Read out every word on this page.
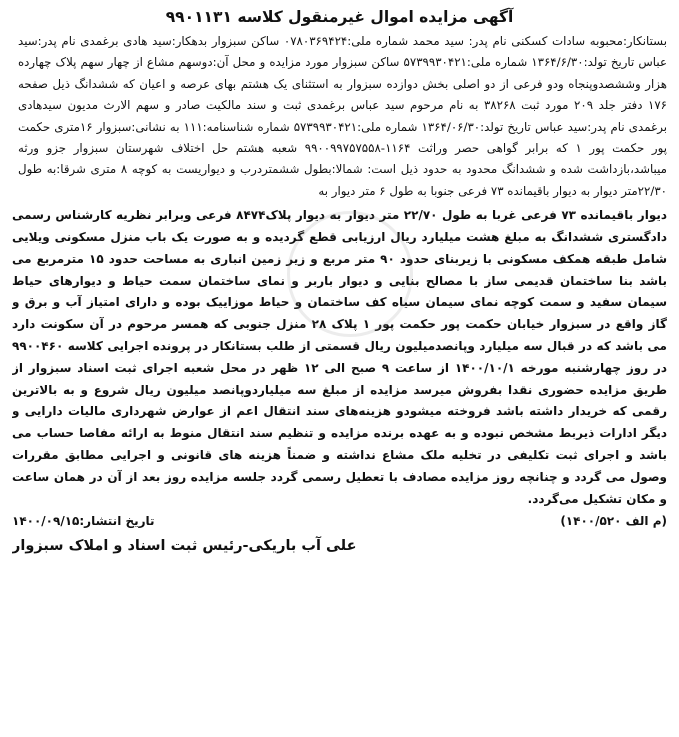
آگهی مزایده اموال غیرمنقول کلاسه ۹۹۰۱۱۳۱

بستانکار:محبوبه سادات کسکنی نام پدر: سید محمد شماره ملی:۰۷۸۰۳۶۹۴۲۴ ساکن سبزوار بدهکار:سید هادی برغمدی نام پدر:سید عباس تاریخ تولد:۱۳۶۴/۶/۳۰ شماره ملی:۵۷۳۹۹۳۰۴۲۱ ساکن سبزوار مورد مزایده و محل آن:دوسهم مشاع از چهار سهم پلاک چهارده هزار وششصدوپنجاه ودو فرعی از دو اصلی بخش دوازده سبزوار به استثنای یک هشتم بهای عرصه و اعیان که ششدانگ ذیل صفحه ۱۷۶ دفتر جلد ۲۰۹ مورد ثبت ۳۸۲۶۸ به نام مرحوم سید عباس برغمدی ثبت و سند مالکیت صادر و سهم الارث مدیون سیدهادی برغمدی نام پدر:سید عباس تاریخ تولد:۱۳۶۴/۰۶/۳۰ شماره ملی:۵۷۳۹۹۳۰۴۲۱ شماره شناسنامه:۱۱۱ به نشانی:سبزوار ۱۶متری حکمت پور حکمت پور ۱ که برابر گواهی حصر وراثت ۱۱۶۴-۹۹۰۰۹۹۷۵۷۵۵۸ شعبه هشتم حل اختلاف شهرستان سبزوار جزو ورثه میباشد،بازداشت شده و ششدانگ محدود به حدود ذیل است: شمالا:بطول ششمتردرب و دیواریست به کوچه ۸ متری شرقا:به طول ۲۲/۳۰متر دیوار به دیوار باقیمانده ۷۳ فرعی جنوبا به طول ۶ متر دیوار به

دیوار باقیمانده ۷۳ فرعی غربا به طول ۲۲/۷۰ متر دیوار به دیوار پلاک۸۴۷۴ فرعی وبرابر نظریه کارشناس رسمی دادگستری ششدانگ به مبلغ هشت میلیارد ریال ارزیابی قطع گردیده و به صورت یک باب منزل مسکونی ویلایی شامل طبقه همکف مسکونی با زیربنای حدود ۹۰ متر مربع و زیر زمین انباری به مساحت حدود ۱۵ مترمربع می باشد بنا ساختمان قدیمی ساز با مصالح بنایی و دیوار باربر و نمای ساختمان سمت حیاط و دیوارهای حیاط سیمان سفید و سمت کوچه نمای سیمان سیاه کف ساختمان و حیاط موزاییک بوده و دارای امتیاز آب و برق و گاز واقع در سبزوار خیابان حکمت پور حکمت پور ۱ پلاک ۲۸ منزل جنوبی که همسر مرحوم در آن سکونت دارد می باشد که در قبال سه میلیارد وپانصدمیلیون ریال قسمتی از طلب بستانکار در پرونده اجرایی کلاسه ۹۹۰۰۴۶۰ در روز چهارشنبه مورخه ۱۴۰۰/۱۰/۱ از ساعت ۹ صبح الی ۱۲ ظهر در محل شعبه اجرای ثبت اسناد سبزوار از طریق مزایده حضوری نقدا بفروش میرسد مزایده از مبلغ سه میلیاردوپانصد میلیون ریال شروع و به بالاترین رقمی که خریدار داشته باشد فروخته میشودو هزینه‌های سند انتقال اعم از عوارض شهرداری مالیات دارایی و دیگر ادارات ذیربط مشخص نبوده و به عهده برنده مزایده و تنظیم سند انتقال منوط به ارائه مفاصا حساب می باشد و اجرای ثبت تکلیفی در تخلیه ملک مشاع نداشته و ضمناً هزینه های قانونی و اجرایی مطابق مقررات وصول می گردد و چنانچه روز مزایده مصادف با تعطیل رسمی گردد جلسه مزایده روز بعد از آن در همان ساعت و مکان تشکیل می‌گردد.

(م الف ۱۴۰۰/۵۲۰)
تاریخ انتشار:۱۴۰۰/۰۹/۱۵
علی آب باریکی-رئیس ثبت اسناد و املاک سبزوار
